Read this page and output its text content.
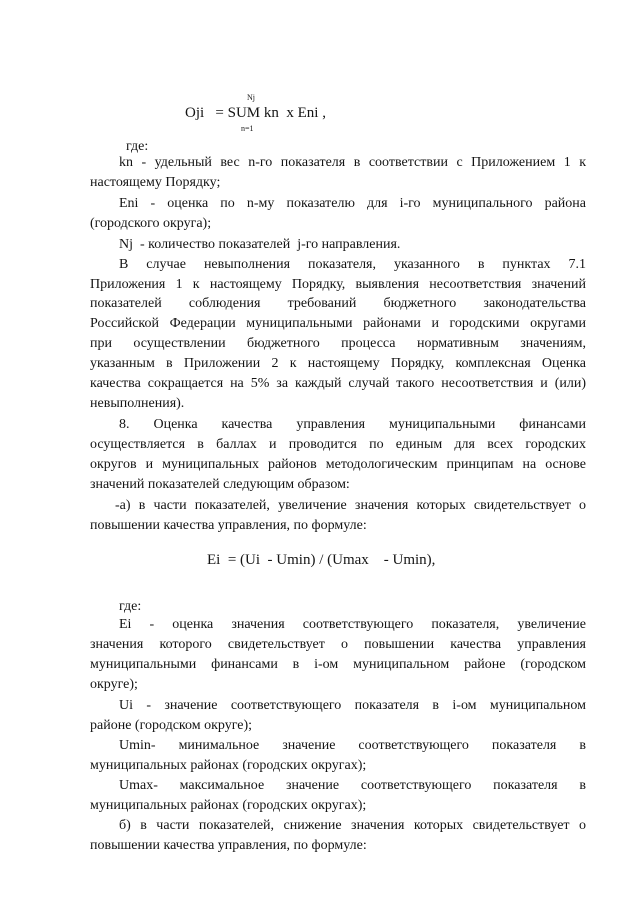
Nj
Oji   = SUM kn  x Eni ,
n=1
где:
kn - удельный вес n-го показателя в соответствии с Приложением 1 к
настоящему Порядку;
Eni - оценка по n-му показателю для i-го муниципального района
(городского округа);
Nj  - количество показателей  j-го направления.
В случае невыполнения показателя, указанного в пунктах 7.1
Приложения 1 к настоящему Порядку, выявления несоответствия значений
показателей соблюдения требований бюджетного законодательства
Российской Федерации муниципальными районами и городскими округами
при осуществлении бюджетного процесса нормативным значениям,
указанным в Приложении 2 к настоящему Порядку, комплексная Оценка
качества сокращается на 5% за каждый случай такого несоответствия и (или)
невыполнения).
8. Оценка качества управления муниципальными финансами
осуществляется в баллах и проводится по единым для всех городских
округов и муниципальных районов методологическим принципам на основе
значений показателей следующим образом:
-а) в части показателей, увеличение значения которых свидетельствует о
повышении качества управления, по формуле:
Ei  = (Ui  - Umin) / (Umax    - Umin),
где:
Ei - оценка значения соответствующего показателя, увеличение
значения которого свидетельствует о повышении качества управления
муниципальными финансами в i-ом муниципальном районе (городском
округе);
Ui - значение соответствующего показателя в i-ом муниципальном
районе (городском округе);
Umin- минимальное значение соответствующего показателя в
муниципальных районах (городских округах);
Umax- максимальное значение соответствующего показателя в
муниципальных районах (городских округах);
б) в части показателей, снижение значения которых свидетельствует о
повышении качества управления, по формуле:
